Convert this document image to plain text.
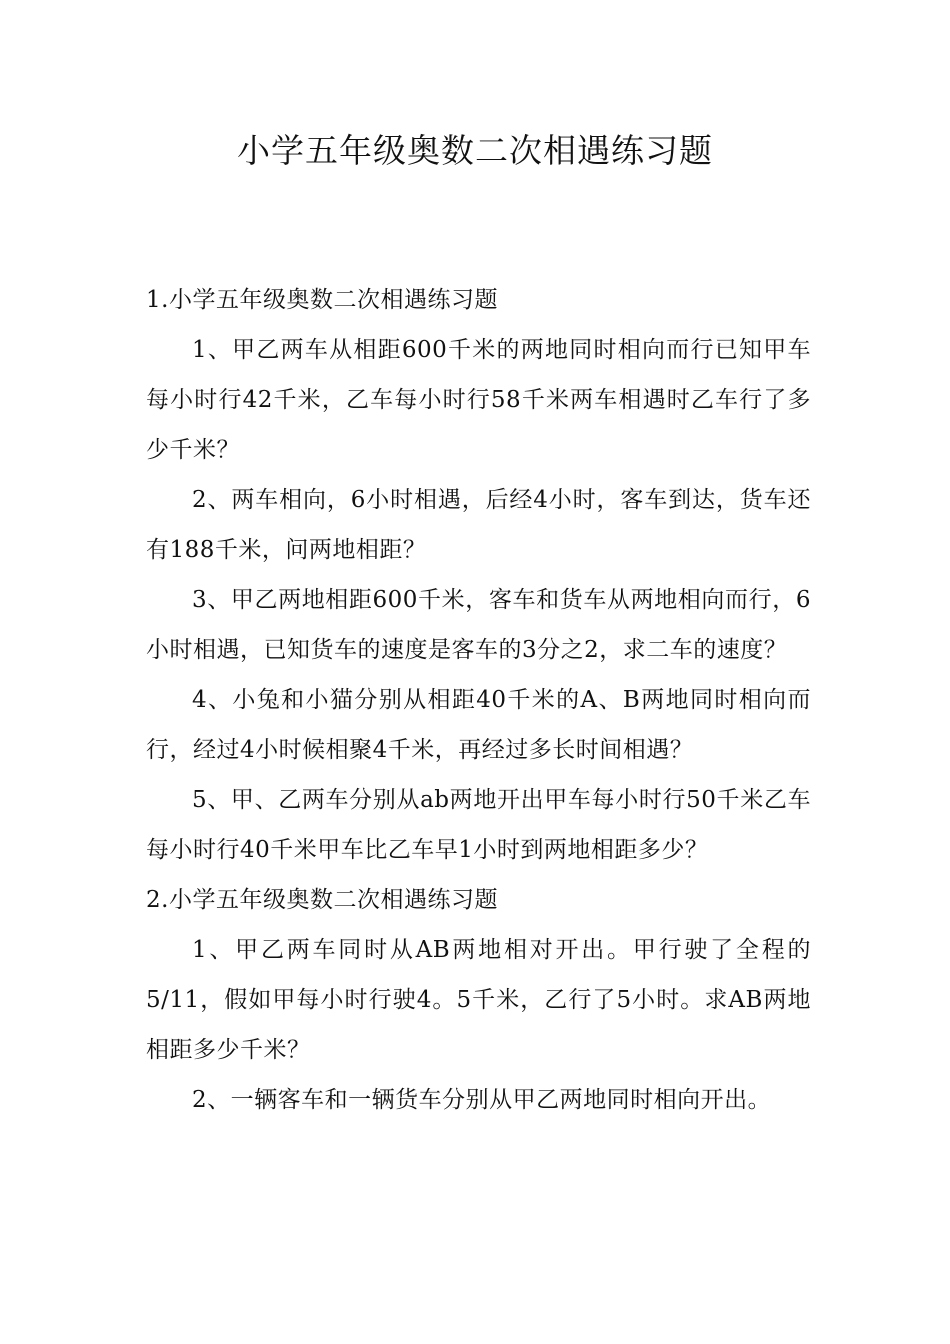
小学五年级奥数二次相遇练习题

1.小学五年级奥数二次相遇练习题

1、甲乙两车从相距600千米的两地同时相向而行已知甲车每小时行42千米，乙车每小时行58千米两车相遇时乙车行了多少千米？

2、两车相向，6小时相遇，后经4小时，客车到达，货车还有188千米，问两地相距？

3、甲乙两地相距600千米，客车和货车从两地相向而行，6小时相遇，已知货车的速度是客车的3分之2，求二车的速度？

4、小兔和小猫分别从相距40千米的A、B两地同时相向而行，经过4小时候相聚4千米，再经过多长时间相遇？

5、甲、乙两车分别从ab两地开出甲车每小时行50千米乙车每小时行40千米甲车比乙车早1小时到两地相距多少？

2.小学五年级奥数二次相遇练习题

1、甲乙两车同时从AB两地相对开出。甲行驶了全程的5/11，假如甲每小时行驶4。5千米，乙行了5小时。求AB两地相距多少千米？

2、一辆客车和一辆货车分别从甲乙两地同时相向开出。
